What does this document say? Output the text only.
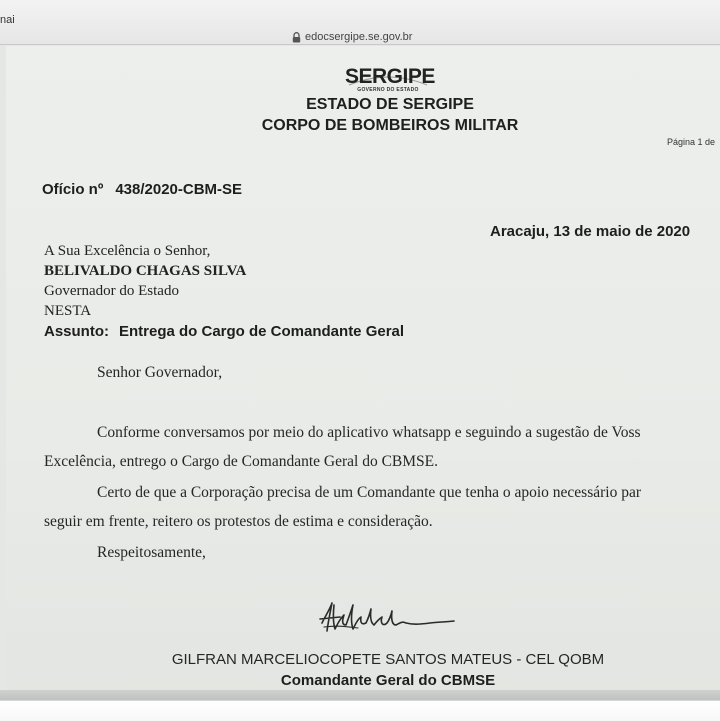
nai
edocsergipe.se.gov.br
SERGIPE
GOVERNO DO ESTADO
ESTADO DE SERGIPE
CORPO DE BOMBEIROS MILITAR
Página 1 de
Ofício nº 438/2020-CBM-SE
Aracaju, 13 de maio de 2020
A Sua Excelência o Senhor,
BELIVALDO CHAGAS SILVA
Governador do Estado
NESTA
Assunto: Entrega do Cargo de Comandante Geral
Senhor Governador,
Conforme conversamos por meio do aplicativo whatsapp e seguindo a sugestão de Voss
Excelência, entrego o Cargo de Comandante Geral do CBMSE.
Certo de que a Corporação precisa de um Comandante que tenha o apoio necessário par
seguir em frente, reitero os protestos de estima e consideração.
Respeitosamente,
GILFRAN MARCELIOCOPETE SANTOS MATEUS - CEL QOBM
Comandante Geral do CBMSE
